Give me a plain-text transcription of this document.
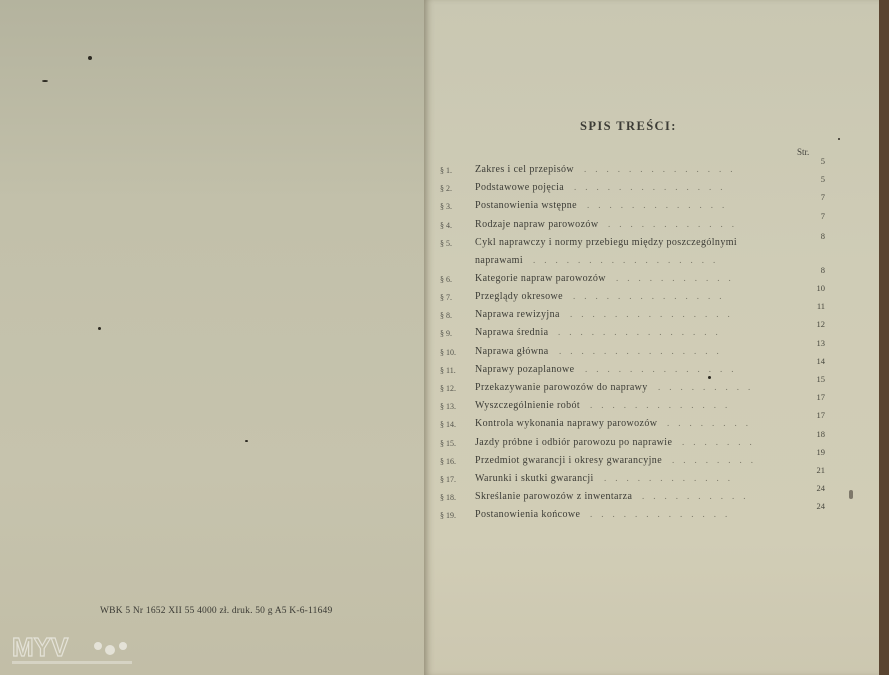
WBK 5 Nr 1652 XII 55 4000 zł. druk. 50 g A5 K-6-11649
MYV
SPIS TREŚCI:
Str.
§ 1. Zakres i cel przepisów
5
..............
§ 2. Podstawowe pojęcia
5
..............
§ 3. Postanowienia wstępne
7
.............
§ 4. Rodzaje napraw parowozów
7
............
§ 5. Cykl naprawczy i normy przebiegu między poszczególnymi
naprawami
8
.................
§ 6. Kategorie napraw parowozów
8
...........
§ 7. Przeglądy okresowe
10
..............
§ 8. Naprawa rewizyjna
11
...............
§ 9. Naprawa średnia
12
...............
§ 10. Naprawa główna
13
...............
§ 11. Naprawy pozaplanowe
14
..............
§ 12. Przekazywanie parowozów do naprawy
15
.........
§ 13. Wyszczególnienie robót
17
.............
§ 14. Kontrola wykonania naprawy parowozów
17
........
§ 15. Jazdy próbne i odbiór parowozu po naprawie
18
.......
§ 16. Przedmiot gwarancji i okresy gwarancyjne
19
........
§ 17. Warunki i skutki gwarancji
21
............
§ 18. Skreślanie parowozów z inwentarza
24
..........
§ 19. Postanowienia końcowe
24
.............
